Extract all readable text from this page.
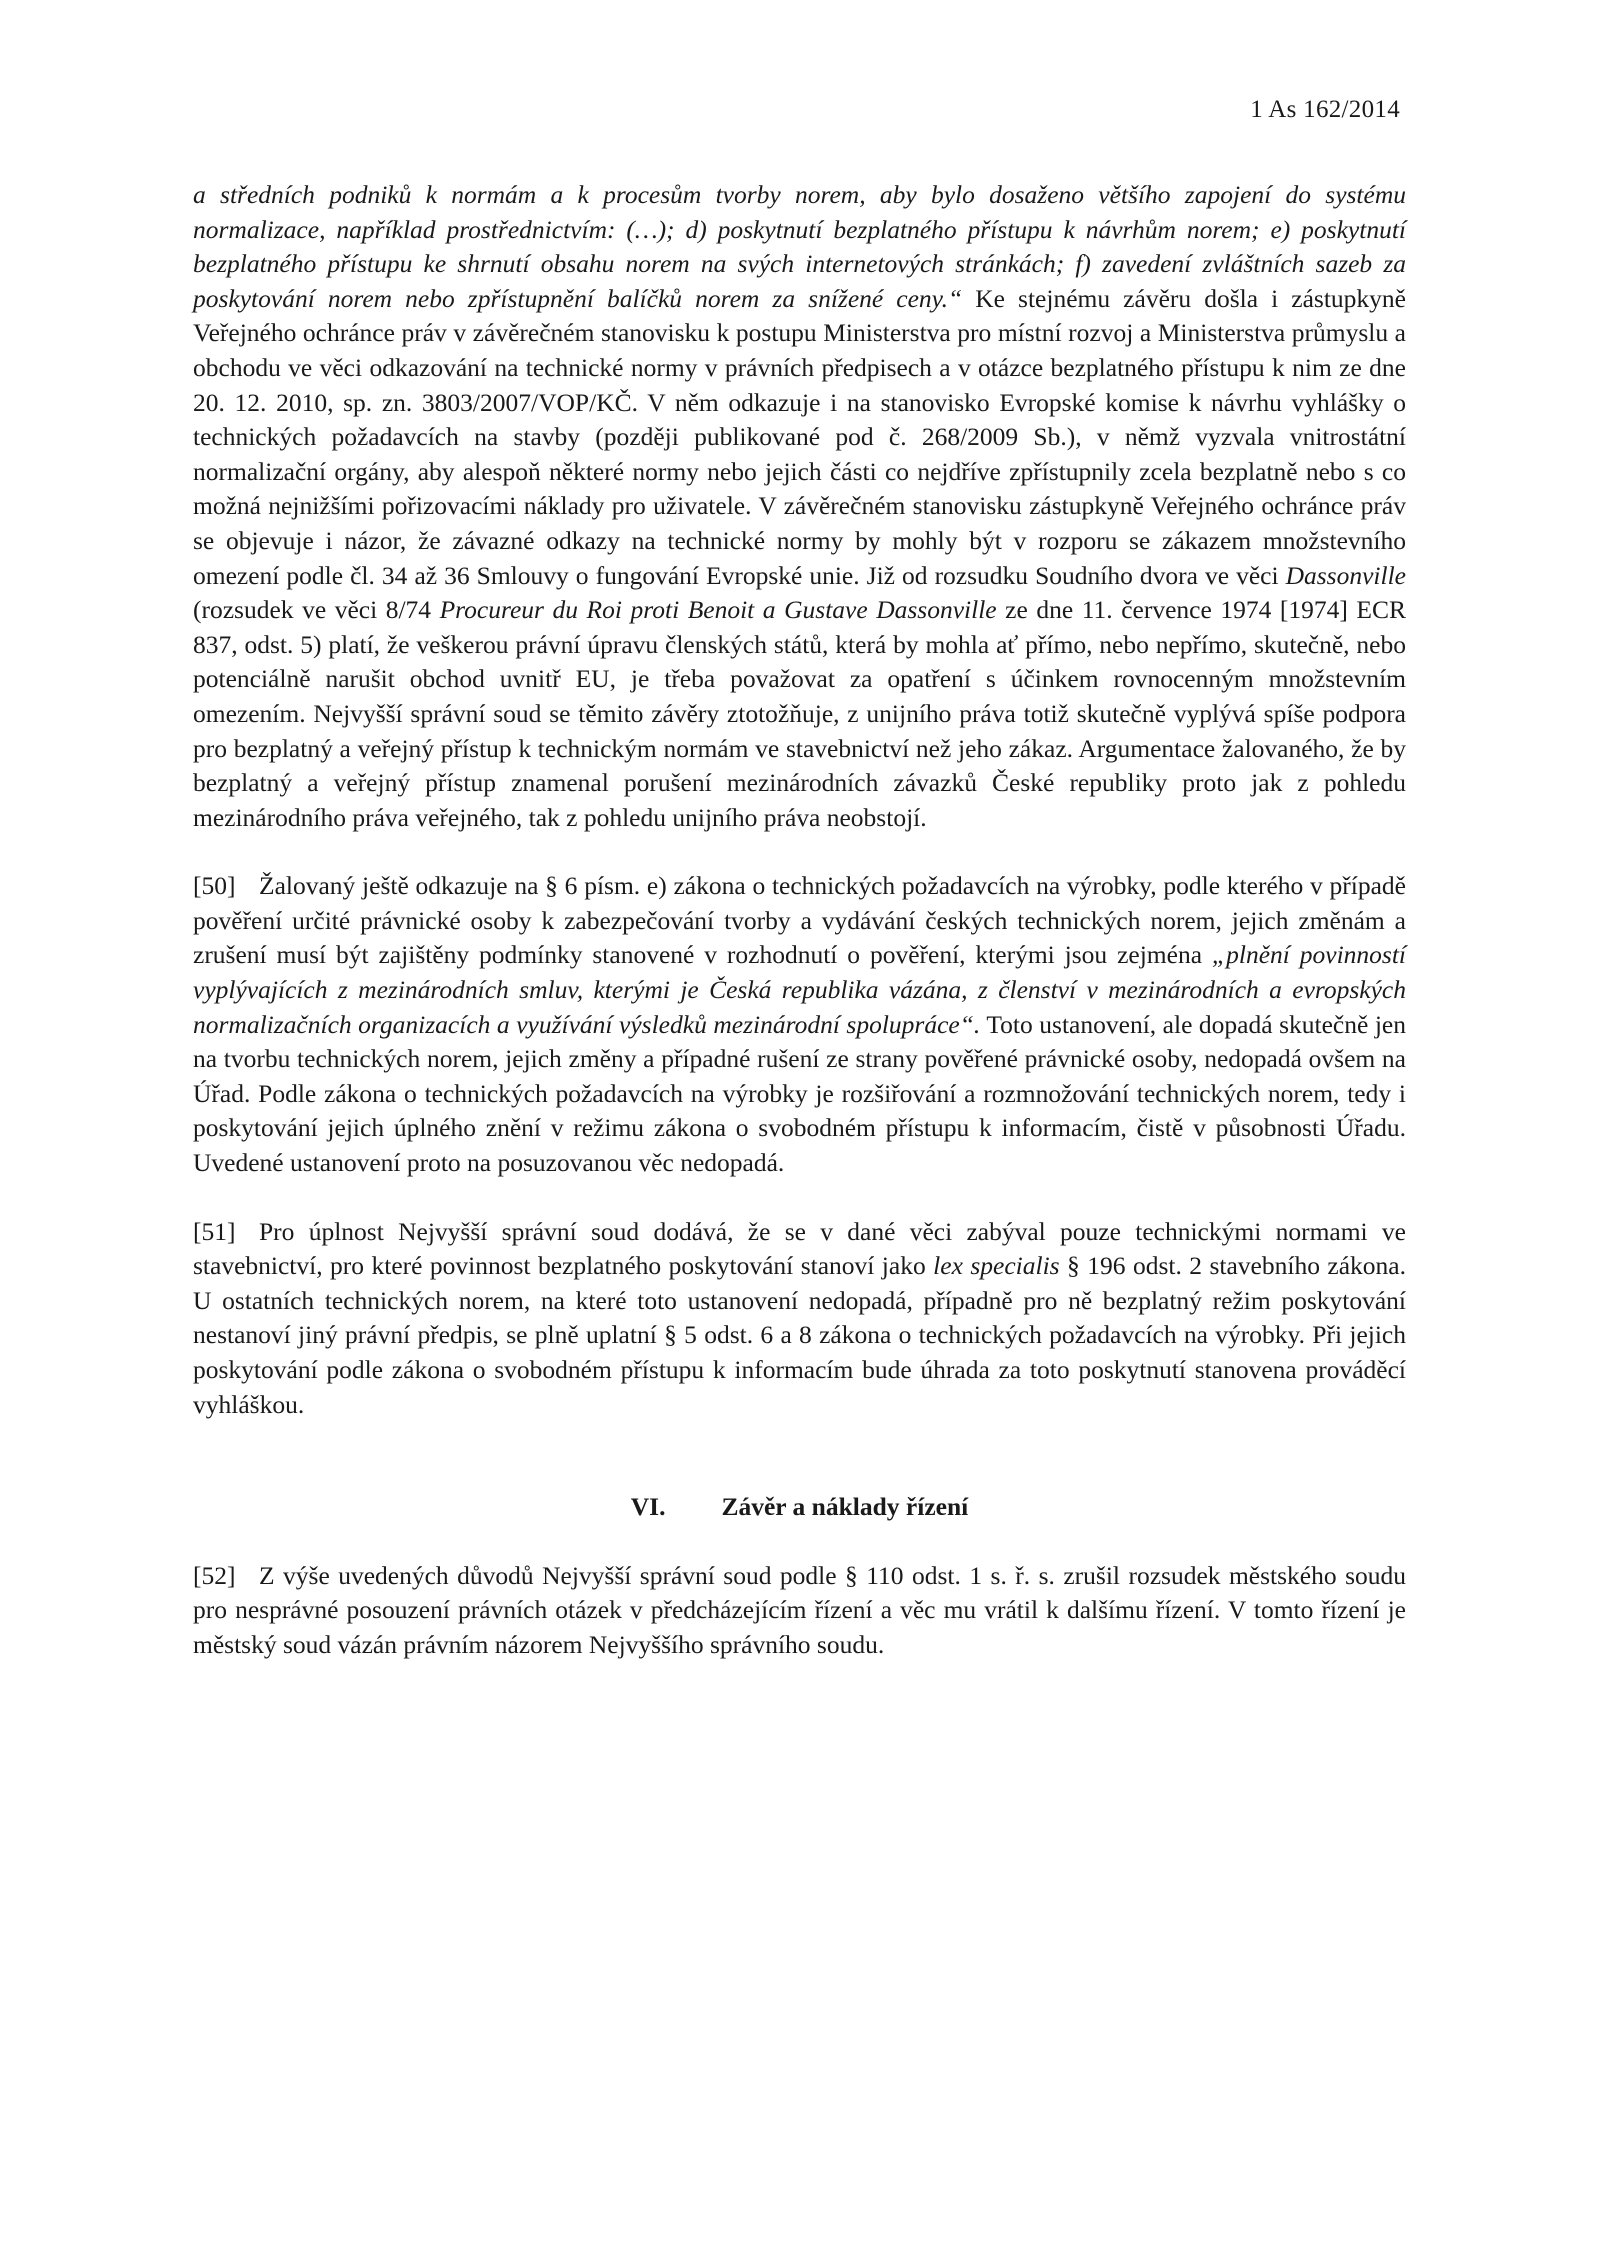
1 As 162/2014

a středních podniků k normám a k procesům tvorby norem, aby bylo dosaženo většího zapojení do systému normalizace, například prostřednictvím: (…); d) poskytnutí bezplatného přístupu k návrhům norem; e) poskytnutí bezplatného přístupu ke shrnutí obsahu norem na svých internetových stránkách; f) zavedení zvláštních sazeb za poskytování norem nebo zpřístupnění balíčků norem za snížené ceny.“ Ke stejnému závěru došla i zástupkyně Veřejného ochránce práv v závěrečném stanovisku k postupu Ministerstva pro místní rozvoj a Ministerstva průmyslu a obchodu ve věci odkazování na technické normy v právních předpisech a v otázce bezplatného přístupu k nim ze dne 20. 12. 2010, sp. zn. 3803/2007/VOP/KČ. V něm odkazuje i na stanovisko Evropské komise k návrhu vyhlášky o technických požadavcích na stavby (později publikované pod č. 268/2009 Sb.), v němž vyzvala vnitrostátní normalizační orgány, aby alespoň některé normy nebo jejich části co nejdříve zpřístupnily zcela bezplatně nebo s co možná nejnižšími pořizovacími náklady pro uživatele. V závěrečném stanovisku zástupkyně Veřejného ochránce práv se objevuje i názor, že závazné odkazy na technické normy by mohly být v rozporu se zákazem množstevního omezení podle čl. 34 až 36 Smlouvy o fungování Evropské unie. Již od rozsudku Soudního dvora ve věci Dassonville (rozsudek ve věci 8/74 Procureur du Roi proti Benoit a Gustave Dassonville ze dne 11. července 1974 [1974] ECR 837, odst. 5) platí, že veškerou právní úpravu členských států, která by mohla ať přímo, nebo nepřímo, skutečně, nebo potenciálně narušit obchod uvnitř EU, je třeba považovat za opatření s účinkem rovnocenným množstevním omezením. Nejvyšší správní soud se těmito závěry ztotožňuje, z unijního práva totiž skutečně vyplývá spíše podpora pro bezplatný a veřejný přístup k technickým normám ve stavebnictví než jeho zákaz. Argumentace žalovaného, že by bezplatný a veřejný přístup znamenal porušení mezinárodních závazků České republiky proto jak z pohledu mezinárodního práva veřejného, tak z pohledu unijního práva neobstojí.

[50] Žalovaný ještě odkazuje na § 6 písm. e) zákona o technických požadavcích na výrobky, podle kterého v případě pověření určité právnické osoby k zabezpečování tvorby a vydávání českých technických norem, jejich změnám a zrušení musí být zajištěny podmínky stanovené v rozhodnutí o pověření, kterými jsou zejména „plnění povinností vyplývajících z mezinárodních smluv, kterými je Česká republika vázána, z členství v mezinárodních a evropských normalizačních organizacích a využívání výsledků mezinárodní spolupráce“. Toto ustanovení, ale dopadá skutečně jen na tvorbu technických norem, jejich změny a případné rušení ze strany pověřené právnické osoby, nedopadá ovšem na Úřad. Podle zákona o technických požadavcích na výrobky je rozšiřování a rozmnožování technických norem, tedy i poskytování jejich úplného znění v režimu zákona o svobodném přístupu k informacím, čistě v působnosti Úřadu. Uvedené ustanovení proto na posuzovanou věc nedopadá.

[51] Pro úplnost Nejvyšší správní soud dodává, že se v dané věci zabýval pouze technickými normami ve stavebnictví, pro které povinnost bezplatného poskytování stanoví jako lex specialis § 196 odst. 2 stavebního zákona. U ostatních technických norem, na které toto ustanovení nedopadá, případně pro ně bezplatný režim poskytování nestanoví jiný právní předpis, se plně uplatní § 5 odst. 6 a 8 zákona o technických požadavcích na výrobky. Při jejich poskytování podle zákona o svobodném přístupu k informacím bude úhrada za toto poskytnutí stanovena prováděcí vyhláškou.

VI. Závěr a náklady řízení

[52] Z výše uvedených důvodů Nejvyšší správní soud podle § 110 odst. 1 s. ř. s. zrušil rozsudek městského soudu pro nesprávné posouzení právních otázek v předcházejícím řízení a věc mu vrátil k dalšímu řízení. V tomto řízení je městský soud vázán právním názorem Nejvyššího správního soudu.
